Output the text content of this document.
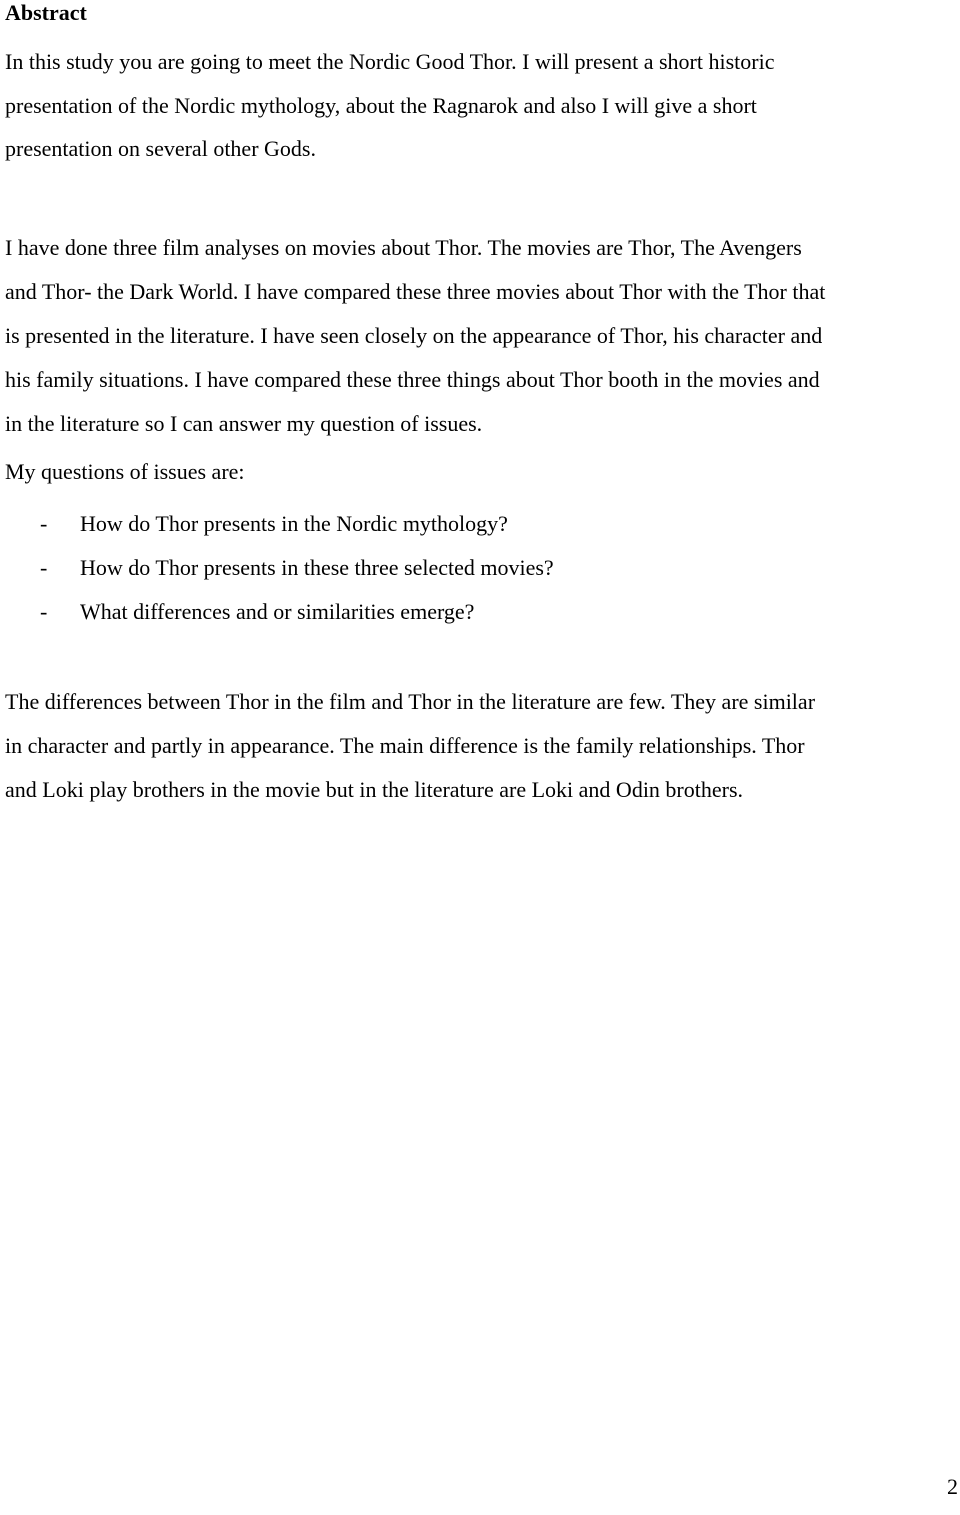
Abstract

In this study you are going to meet the Nordic Good Thor. I will present a short historic
presentation of the Nordic mythology, about the Ragnarok and also I will give a short
presentation on several other Gods.

I have done three film analyses on movies about Thor. The movies are Thor, The Avengers
and Thor- the Dark World. I have compared these three movies about Thor with the Thor that
is presented in the literature. I have seen closely on the appearance of Thor, his character and
his family situations. I have compared these three things about Thor booth in the movies and
in the literature so I can answer my question of issues.

My questions of issues are:

- How do Thor presents in the Nordic mythology?
- How do Thor presents in these three selected movies?
- What differences and or similarities emerge?

The differences between Thor in the film and Thor in the literature are few. They are similar
in character and partly in appearance. The main difference is the family relationships. Thor
and Loki play brothers in the movie but in the literature are Loki and Odin brothers.

2
